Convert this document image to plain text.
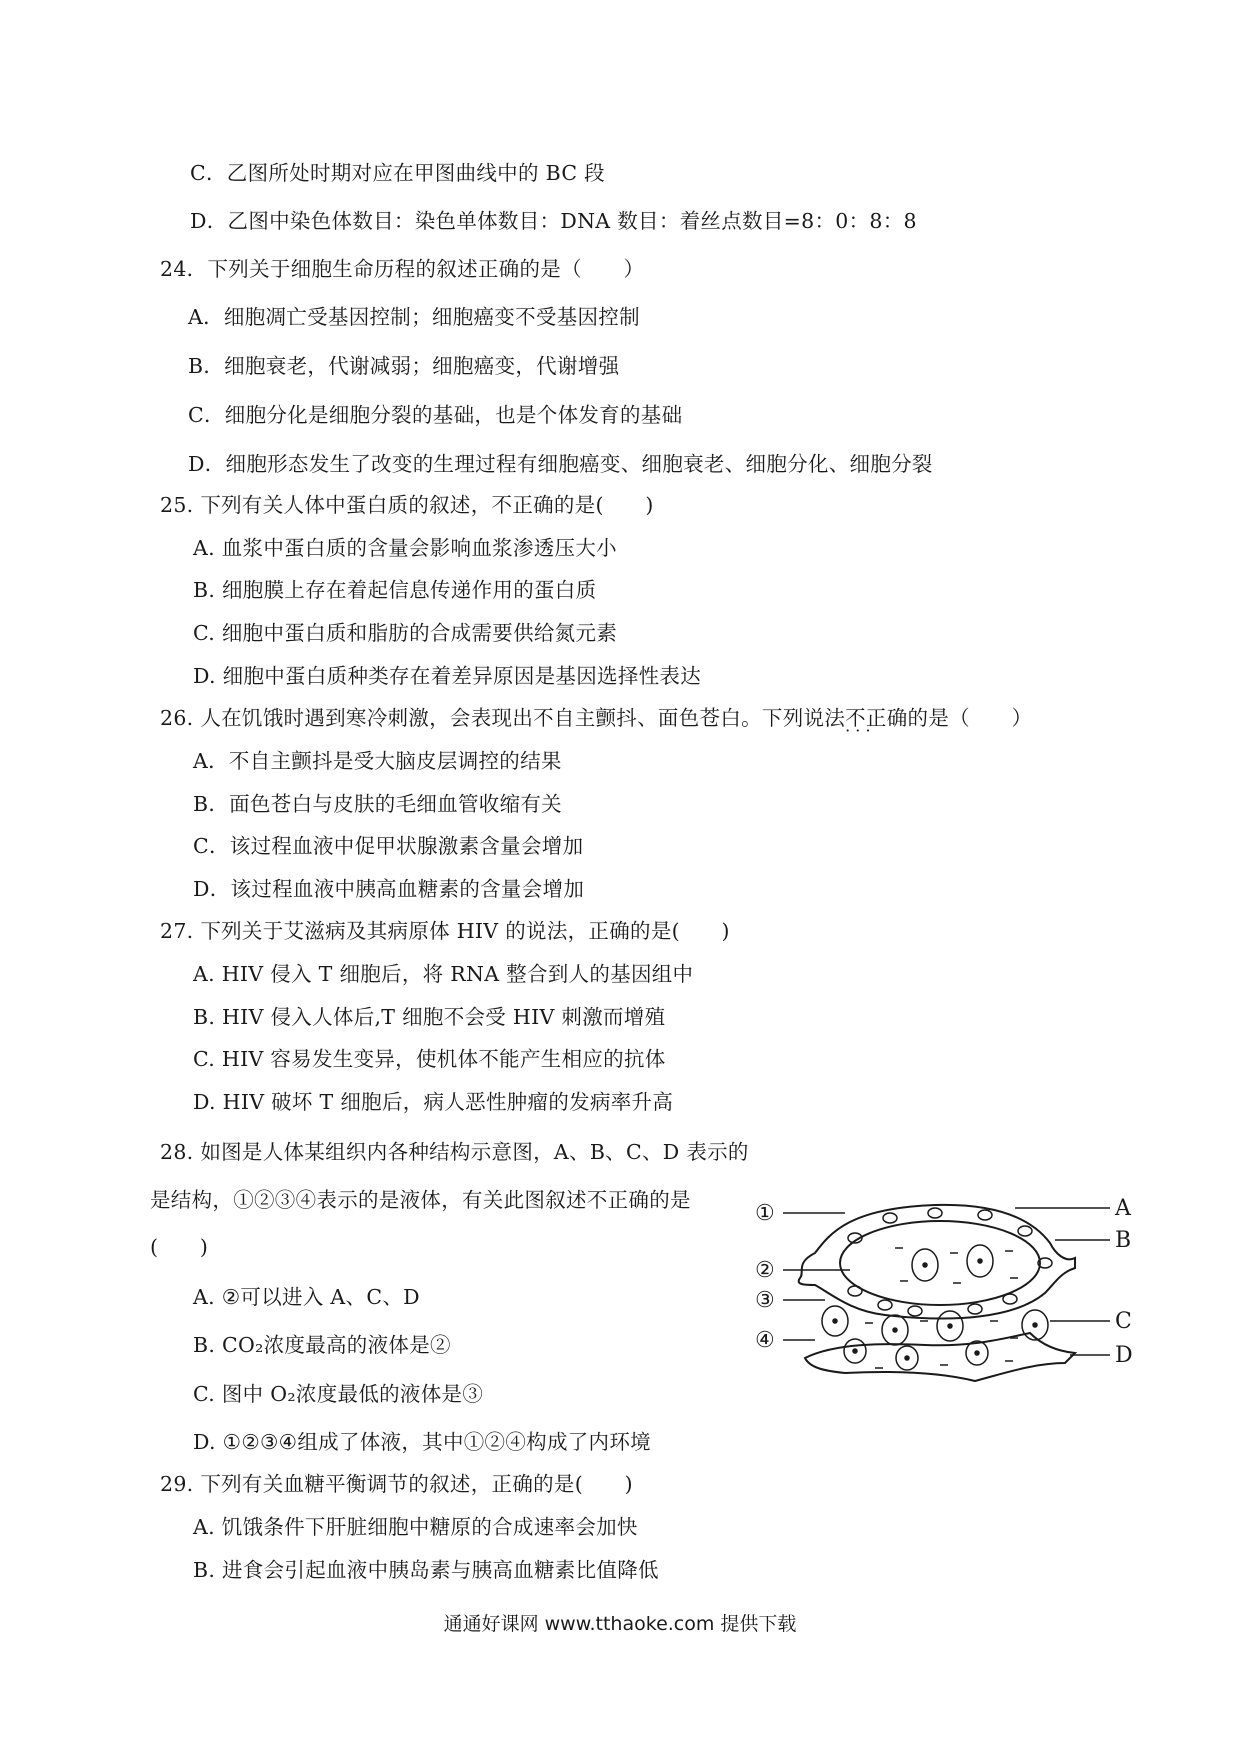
C．乙图所处时期对应在甲图曲线中的 BC 段
D．乙图中染色体数目：染色单体数目：DNA 数目：着丝点数目=8：0：8：8
24．下列关于细胞生命历程的叙述正确的是（　　）
A．细胞凋亡受基因控制；细胞癌变不受基因控制
B．细胞衰老，代谢减弱；细胞癌变，代谢增强
C．细胞分化是细胞分裂的基础，也是个体发育的基础
D．细胞形态发生了改变的生理过程有细胞癌变、细胞衰老、细胞分化、细胞分裂
25. 下列有关人体中蛋白质的叙述，不正确的是(　　)
A. 血浆中蛋白质的含量会影响血浆渗透压大小
B. 细胞膜上存在着起信息传递作用的蛋白质
C. 细胞中蛋白质和脂肪的合成需要供给氮元素
D. 细胞中蛋白质种类存在着差异原因是基因选择性表达
26. 人在饥饿时遇到寒冷刺激，会表现出不自主颤抖、面色苍白。下列说法不正确 · · ·的是（　　）
A．不自主颤抖是受大脑皮层调控的结果
B．面色苍白与皮肤的毛细血管收缩有关
C．该过程血液中促甲状腺激素含量会增加
D．该过程血液中胰高血糖素的含量会增加
27. 下列关于艾滋病及其病原体 HIV 的说法，正确的是(　　)
A. HIV 侵入 T 细胞后，将 RNA 整合到人的基因组中
B. HIV 侵入人体后,T 细胞不会受 HIV 刺激而增殖
C. HIV 容易发生变异，使机体不能产生相应的抗体
D. HIV 破坏 T 细胞后，病人恶性肿瘤的发病率升高
28. 如图是人体某组织内各种结构示意图，A、B、C、D 表示的
是结构，①②③④表示的是液体，有关此图叙述不正确的是
(　　)
A. ②可以进入 A、C、D
B. CO₂浓度最高的液体是②
C. 图中 O₂浓度最低的液体是③
D. ①②③④组成了体液，其中①②④构成了内环境
29. 下列有关血糖平衡调节的叙述，正确的是(　　)
A. 饥饿条件下肝脏细胞中糖原的合成速率会加快
B. 进食会引起血液中胰岛素与胰高血糖素比值降低
①
②
③
④
A
B
C
D
通通好课网 www.tthaoke.com 提供下载
